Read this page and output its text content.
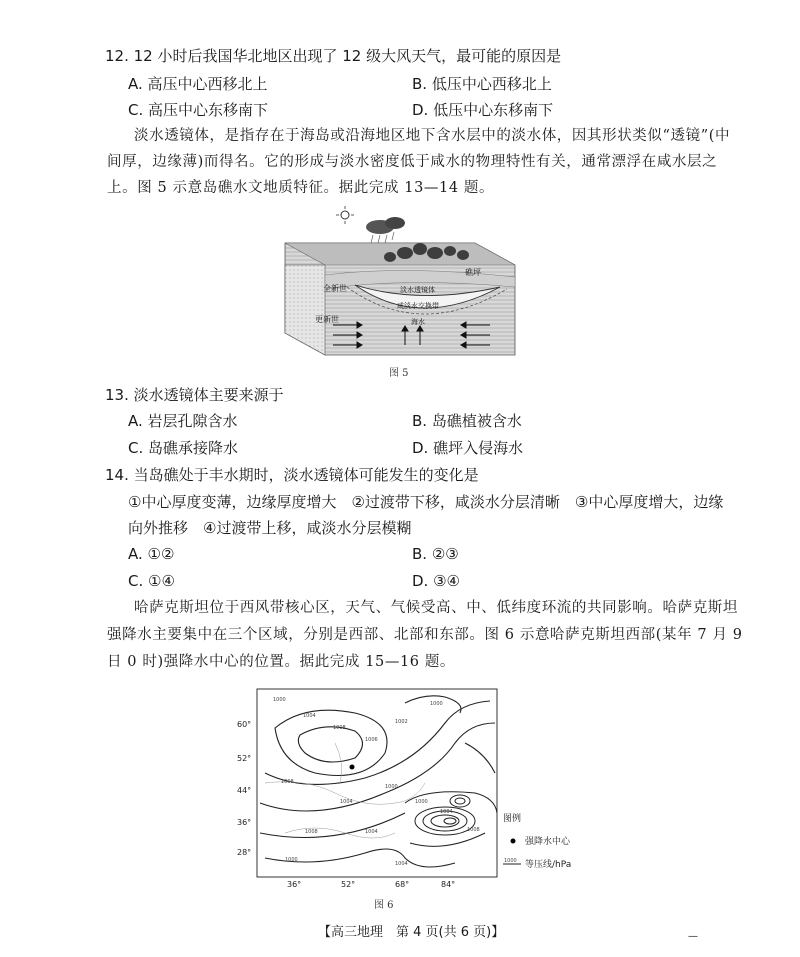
12. 12 小时后我国华北地区出现了 12 级大风天气，最可能的原因是
A. 高压中心西移北上	B. 低压中心西移北上
C. 高压中心东移南下	D. 低压中心东移南下
淡水透镜体，是指存在于海岛或沿海地区地下含水层中的淡水体，因其形状类似“透镜”(中
间厚，边缘薄)而得名。它的形成与淡水密度低于咸水的物理特性有关，通常漂浮在咸水层之
上。图 5 示意岛礁水文地质特征。据此完成 13—14 题。
礁坪
全新世	淡水透镜体
咸淡水交换带
更新世	海水
图 5
13. 淡水透镜体主要来源于
A. 岩层孔隙含水	B. 岛礁植被含水
C. 岛礁承接降水	D. 礁坪入侵海水
14. 当岛礁处于丰水期时，淡水透镜体可能发生的变化是
①中心厚度变薄，边缘厚度增大　②过渡带下移，咸淡水分层清晰　③中心厚度增大，边缘
向外推移　④过渡带上移，咸淡水分层模糊
A. ①②	B. ②③
C. ①④	D. ③④
哈萨克斯坦位于西风带核心区，天气、气候受高、中、低纬度环流的共同影响。哈萨克斯坦
强降水主要集中在三个区域，分别是西部、北部和东部。图 6 示意哈萨克斯坦西部(某年 7 月 9
日 0 时)强降水中心的位置。据此完成 15—16 题。
1000
1004
1008
1006
1002
1000
1008
1004
1000
1008	1004
1000
1004
1008
1000
1004
60°
52°
44°
36°
28°
36°	52°	68°	84°
图例
强降水中心
1000 等压线/hPa
图 6
【高三地理　第 4 页(共 6 页)】	—
